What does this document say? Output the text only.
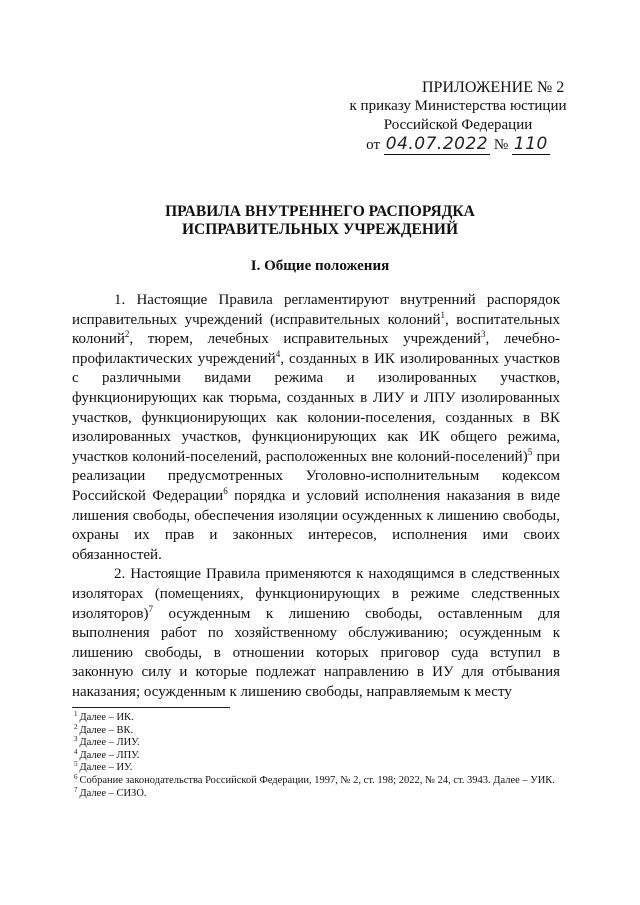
ПРИЛОЖЕНИЕ № 2
к приказу Министерства юстиции
Российской Федерации
от 04.07.2022 № 110
ПРАВИЛА ВНУТРЕННЕГО РАСПОРЯДКА
ИСПРАВИТЕЛЬНЫХ УЧРЕЖДЕНИЙ
I. Общие положения

1. Настоящие Правила регламентируют внутренний распорядок исправительных учреждений (исправительных колоний$^1$, воспитательных колоний$^2$, тюрем, лечебных исправительных учреждений$^3$, лечебно-профилактических учреждений$^4$, созданных в ИК изолированных участков с различными видами режима и изолированных участков, функционирующих как тюрьма, созданных в ЛИУ и ЛПУ изолированных участков, функционирующих как колонии-поселения, созданных в ВК изолированных участков, функционирующих как ИК общего режима, участков колоний-поселений, расположенных вне колоний-поселений)$^5$ при реализации предусмотренных Уголовно-исполнительным кодексом Российской Федерации$^6$ порядка и условий исполнения наказания в виде лишения свободы, обеспечения изоляции осужденных к лишению свободы, охраны их прав и законных интересов, исполнения ими своих обязанностей.

2. Настоящие Правила применяются к находящимся в следственных изоляторах (помещениях, функционирующих в режиме следственных изоляторов)$^7$ осужденным к лишению свободы, оставленным для выполнения работ по хозяйственному обслуживанию; осужденным к лишению свободы, в отношении которых приговор суда вступил в законную силу и которые подлежат направлению в ИУ для отбывания наказания; осужденным к лишению свободы, направляемым к месту

$^1$ Далее – ИК.
$^2$ Далее – ВК.
$^3$ Далее – ЛИУ.
$^4$ Далее – ЛПУ.
$^5$ Далее – ИУ.
$^6$ Собрание законодательства Российской Федерации, 1997, № 2, ст. 198; 2022, № 24, ст. 3943. Далее – УИК.
$^7$ Далее – СИЗО.
